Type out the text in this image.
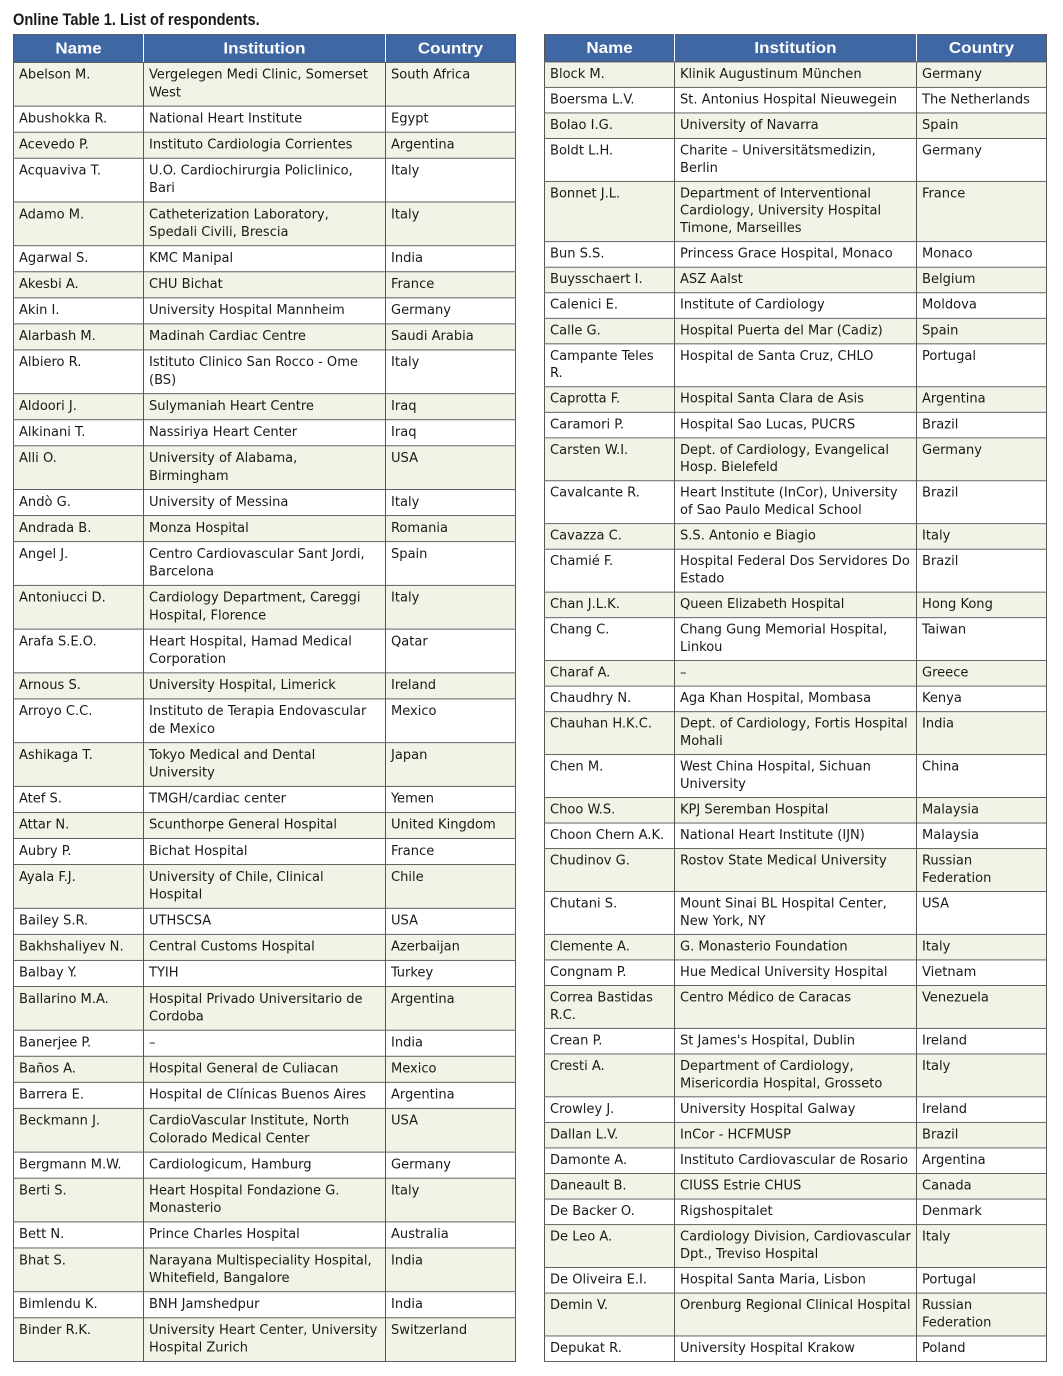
Online Table 1. List of respondents.
Name	Institution	Country
Abelson M.	Vergelegen Medi Clinic, Somerset West	South Africa
Abushokka R.	National Heart Institute	Egypt
Acevedo P.	Instituto Cardiologia Corrientes	Argentina
Acquaviva T.	U.O. Cardiochirurgia Policlinico, Bari	Italy
Adamo M.	Catheterization Laboratory, Spedali Civili, Brescia	Italy
Agarwal S.	KMC Manipal	India
Akesbi A.	CHU Bichat	France
Akin I.	University Hospital Mannheim	Germany
Alarbash M.	Madinah Cardiac Centre	Saudi Arabia
Albiero R.	Istituto Clinico San Rocco - Ome (BS)	Italy
Aldoori J.	Sulymaniah Heart Centre	Iraq
Alkinani T.	Nassiriya Heart Center	Iraq
Alli O.	University of Alabama, Birmingham	USA
Andò G.	University of Messina	Italy
Andrada B.	Monza Hospital	Romania
Angel J.	Centro Cardiovascular Sant Jordi, Barcelona	Spain
Antoniucci D.	Cardiology Department, Careggi Hospital, Florence	Italy
Arafa S.E.O.	Heart Hospital, Hamad Medical Corporation	Qatar
Arnous S.	University Hospital, Limerick	Ireland
Arroyo C.C.	Instituto de Terapia Endovascular de Mexico	Mexico
Ashikaga T.	Tokyo Medical and Dental University	Japan
Atef S.	TMGH/cardiac center	Yemen
Attar N.	Scunthorpe General Hospital	United Kingdom
Aubry P.	Bichat Hospital	France
Ayala F.J.	University of Chile, Clinical Hospital	Chile
Bailey S.R.	UTHSCSA	USA
Bakhshaliyev N.	Central Customs Hospital	Azerbaijan
Balbay Y.	TYIH	Turkey
Ballarino M.A.	Hospital Privado Universitario de Cordoba	Argentina
Banerjee P.	–	India
Baños A.	Hospital General de Culiacan	Mexico
Barrera E.	Hospital de Clínicas Buenos Aires	Argentina
Beckmann J.	CardioVascular Institute, North Colorado Medical Center	USA
Bergmann M.W.	Cardiologicum, Hamburg	Germany
Berti S.	Heart Hospital Fondazione G. Monasterio	Italy
Bett N.	Prince Charles Hospital	Australia
Bhat S.	Narayana Multispeciality Hospital, Whitefield, Bangalore	India
Bimlendu K.	BNH Jamshedpur	India
Binder R.K.	University Heart Center, University Hospital Zurich	Switzerland
Name	Institution	Country
Block M.	Klinik Augustinum München	Germany
Boersma L.V.	St. Antonius Hospital Nieuwegein	The Netherlands
Bolao I.G.	University of Navarra	Spain
Boldt L.H.	Charite – Universitätsmedizin, Berlin	Germany
Bonnet J.L.	Department of Interventional Cardiology, University Hospital Timone, Marseilles	France
Bun S.S.	Princess Grace Hospital, Monaco	Monaco
Buysschaert I.	ASZ Aalst	Belgium
Calenici E.	Institute of Cardiology	Moldova
Calle G.	Hospital Puerta del Mar (Cadiz)	Spain
Campante Teles R.	Hospital de Santa Cruz, CHLO	Portugal
Caprotta F.	Hospital Santa Clara de Asis	Argentina
Caramori P.	Hospital Sao Lucas, PUCRS	Brazil
Carsten W.I.	Dept. of Cardiology, Evangelical Hosp. Bielefeld	Germany
Cavalcante R.	Heart Institute (InCor), University of Sao Paulo Medical School	Brazil
Cavazza C.	S.S. Antonio e Biagio	Italy
Chamié F.	Hospital Federal Dos Servidores Do Estado	Brazil
Chan J.L.K.	Queen Elizabeth Hospital	Hong Kong
Chang C.	Chang Gung Memorial Hospital, Linkou	Taiwan
Charaf A.	–	Greece
Chaudhry N.	Aga Khan Hospital, Mombasa	Kenya
Chauhan H.K.C.	Dept. of Cardiology, Fortis Hospital Mohali	India
Chen M.	West China Hospital, Sichuan University	China
Choo W.S.	KPJ Seremban Hospital	Malaysia
Choon Chern A.K.	National Heart Institute (IJN)	Malaysia
Chudinov G.	Rostov State Medical University	Russian Federation
Chutani S.	Mount Sinai BL Hospital Center, New York, NY	USA
Clemente A.	G. Monasterio Foundation	Italy
Congnam P.	Hue Medical University Hospital	Vietnam
Correa Bastidas R.C.	Centro Médico de Caracas	Venezuela
Crean P.	St James's Hospital, Dublin	Ireland
Cresti A.	Department of Cardiology, Misericordia Hospital, Grosseto	Italy
Crowley J.	University Hospital Galway	Ireland
Dallan L.V.	InCor - HCFMUSP	Brazil
Damonte A.	Instituto Cardiovascular de Rosario	Argentina
Daneault B.	CIUSS Estrie CHUS	Canada
De Backer O.	Rigshospitalet	Denmark
De Leo A.	Cardiology Division, Cardiovascular Dpt., Treviso Hospital	Italy
De Oliveira E.I.	Hospital Santa Maria, Lisbon	Portugal
Demin V.	Orenburg Regional Clinical Hospital	Russian Federation
Depukat R.	University Hospital Krakow	Poland
